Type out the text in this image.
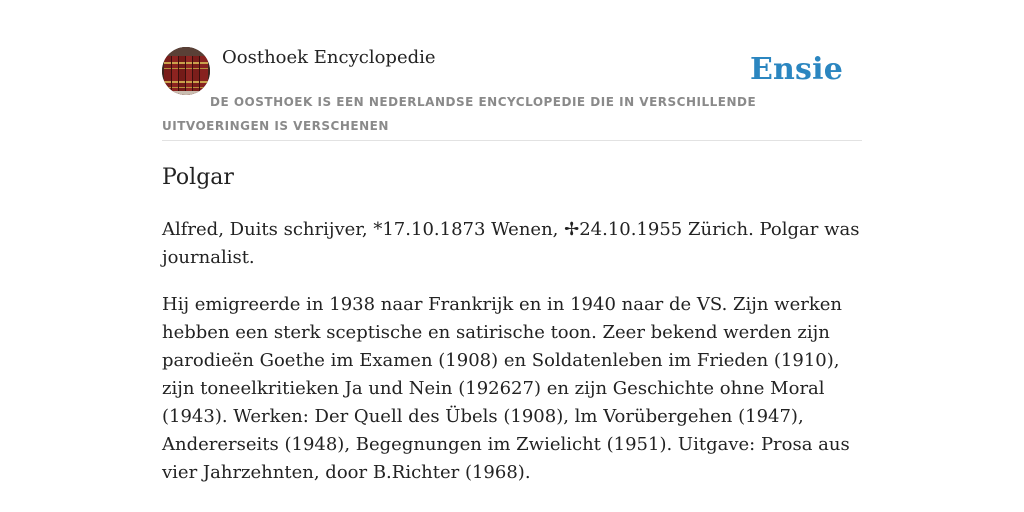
Oosthoek Encyclopedie	Ensie
DE OOSTHOEK IS EEN NEDERLANDSE ENCYCLOPEDIE DIE IN VERSCHILLENDE UITVOERINGEN IS VERSCHENEN
Polgar

Alfred, Duits schrijver, *17.10.1873 Wenen, ✢24.10.1955 Zürich. Polgar was journalist.

Hij emigreerde in 1938 naar Frankrijk en in 1940 naar de VS. Zijn werken hebben een sterk sceptische en satirische toon. Zeer bekend werden zijn parodieën Goethe im Examen (1908) en Soldatenleben im Frieden (1910), zijn toneelkritieken Ja und Nein (192627) en zijn Geschichte ohne Moral (1943). Werken: Der Quell des Übels (1908), lm Vorübergehen (1947), Andererseits (1948), Begegnungen im Zwielicht (1951). Uitgave: Prosa aus vier Jahrzehnten, door B.Richter (1968).
